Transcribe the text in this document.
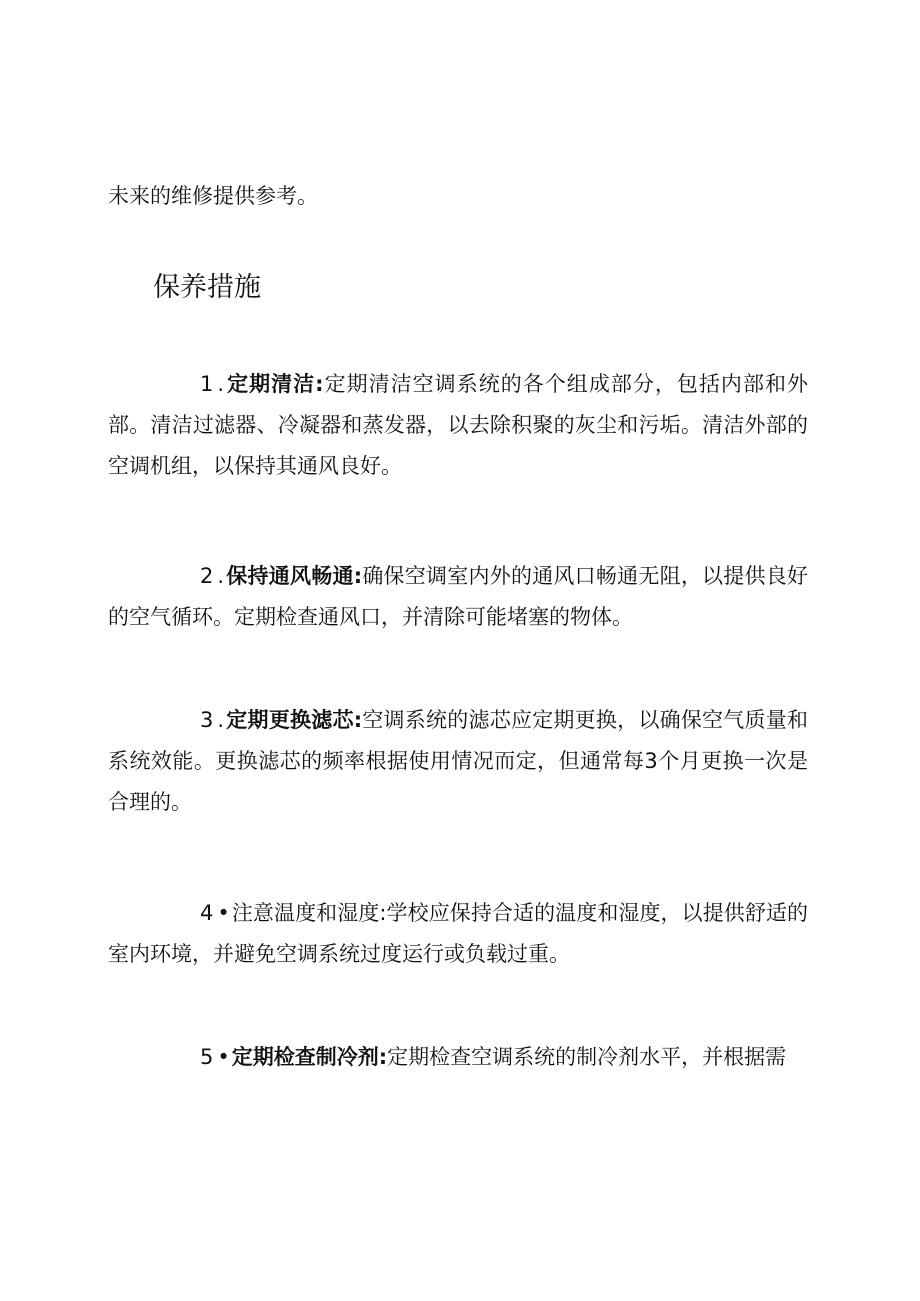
未来的维修提供参考。

保养措施

1 .定期清洁:定期清洁空调系统的各个组成部分，包括内部和外部。清洁过滤器、冷凝器和蒸发器，以去除积聚的灰尘和污垢。清洁外部的空调机组，以保持其通风良好。

2 .保持通风畅通:确保空调室内外的通风口畅通无阻，以提供良好的空气循环。定期检查通风口，并清除可能堵塞的物体。

3 .定期更换滤芯:空调系统的滤芯应定期更换，以确保空气质量和系统效能。更换滤芯的频率根据使用情况而定，但通常每3个月更换一次是合理的。

4 •注意温度和湿度:学校应保持合适的温度和湿度，以提供舒适的室内环境，并避免空调系统过度运行或负载过重。

5 •定期检查制冷剂:定期检查空调系统的制冷剂水平，并根据需
